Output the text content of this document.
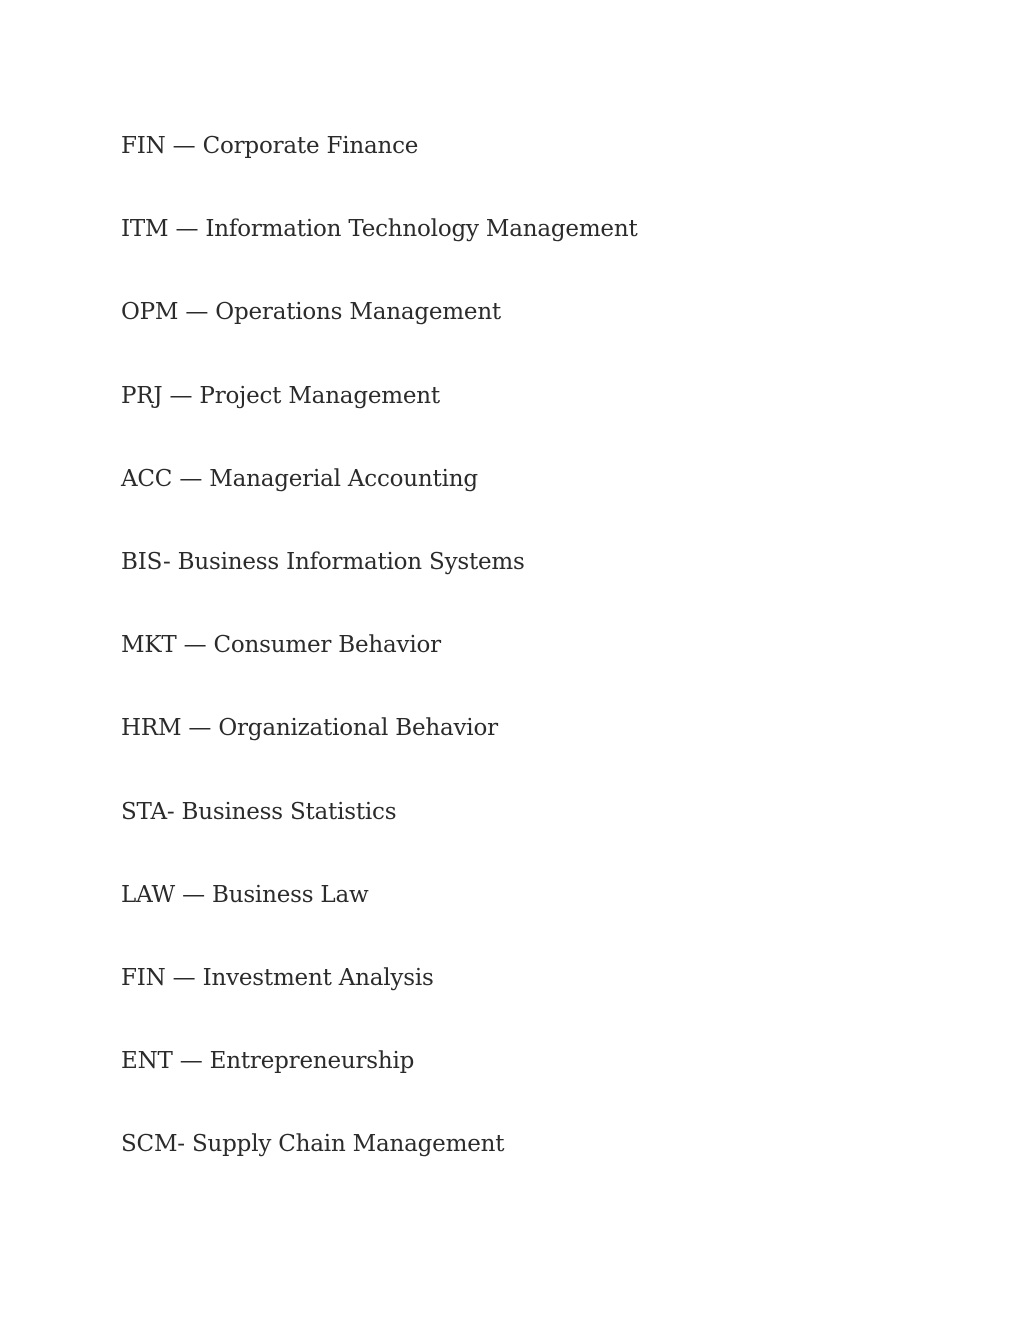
FIN — Corporate Finance
ITM — Information Technology Management
OPM — Operations Management
PRJ — Project Management
ACC — Managerial Accounting
BIS- Business Information Systems
MKT — Consumer Behavior
HRM — Organizational Behavior
STA- Business Statistics
LAW — Business Law
FIN — Investment Analysis
ENT — Entrepreneurship
SCM- Supply Chain Management
